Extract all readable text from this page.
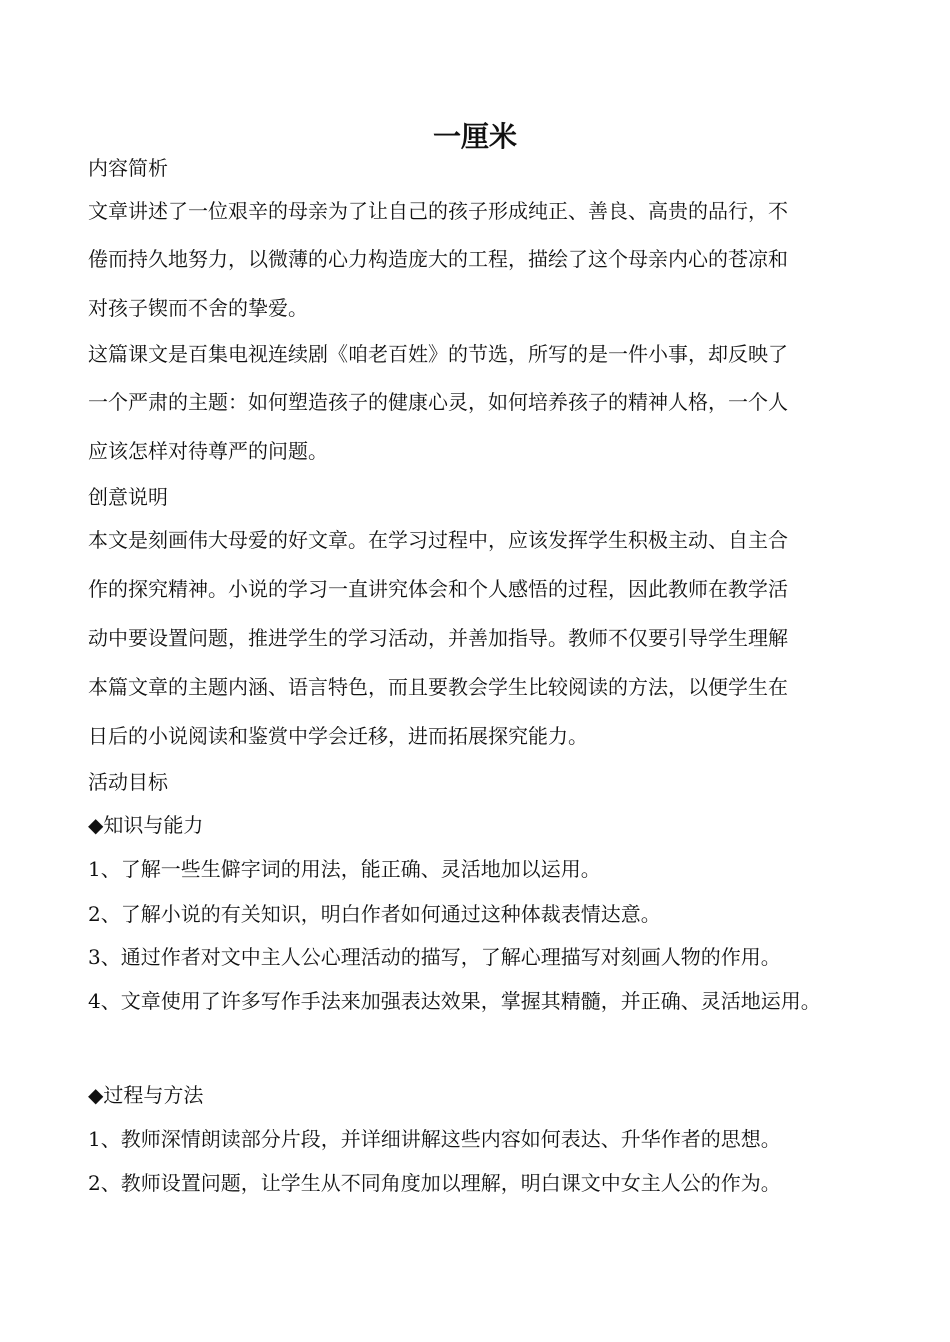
一厘米
内容简析
文章讲述了一位艰辛的母亲为了让自己的孩子形成纯正、善良、高贵的品行，不
倦而持久地努力，以微薄的心力构造庞大的工程，描绘了这个母亲内心的苍凉和
对孩子锲而不舍的挚爱。
这篇课文是百集电视连续剧《咱老百姓》的节选，所写的是一件小事，却反映了
一个严肃的主题：如何塑造孩子的健康心灵，如何培养孩子的精神人格，一个人
应该怎样对待尊严的问题。
创意说明
本文是刻画伟大母爱的好文章。在学习过程中，应该发挥学生积极主动、自主合
作的探究精神。小说的学习一直讲究体会和个人感悟的过程，因此教师在教学活
动中要设置问题，推进学生的学习活动，并善加指导。教师不仅要引导学生理解
本篇文章的主题内涵、语言特色，而且要教会学生比较阅读的方法，以便学生在
日后的小说阅读和鉴赏中学会迁移，进而拓展探究能力。
活动目标
◆知识与能力
1、了解一些生僻字词的用法，能正确、灵活地加以运用。
2、了解小说的有关知识，明白作者如何通过这种体裁表情达意。
3、通过作者对文中主人公心理活动的描写，了解心理描写对刻画人物的作用。
4、文章使用了许多写作手法来加强表达效果，掌握其精髓，并正确、灵活地运用。
◆过程与方法
1、教师深情朗读部分片段，并详细讲解这些内容如何表达、升华作者的思想。
2、教师设置问题，让学生从不同角度加以理解，明白课文中女主人公的作为。
